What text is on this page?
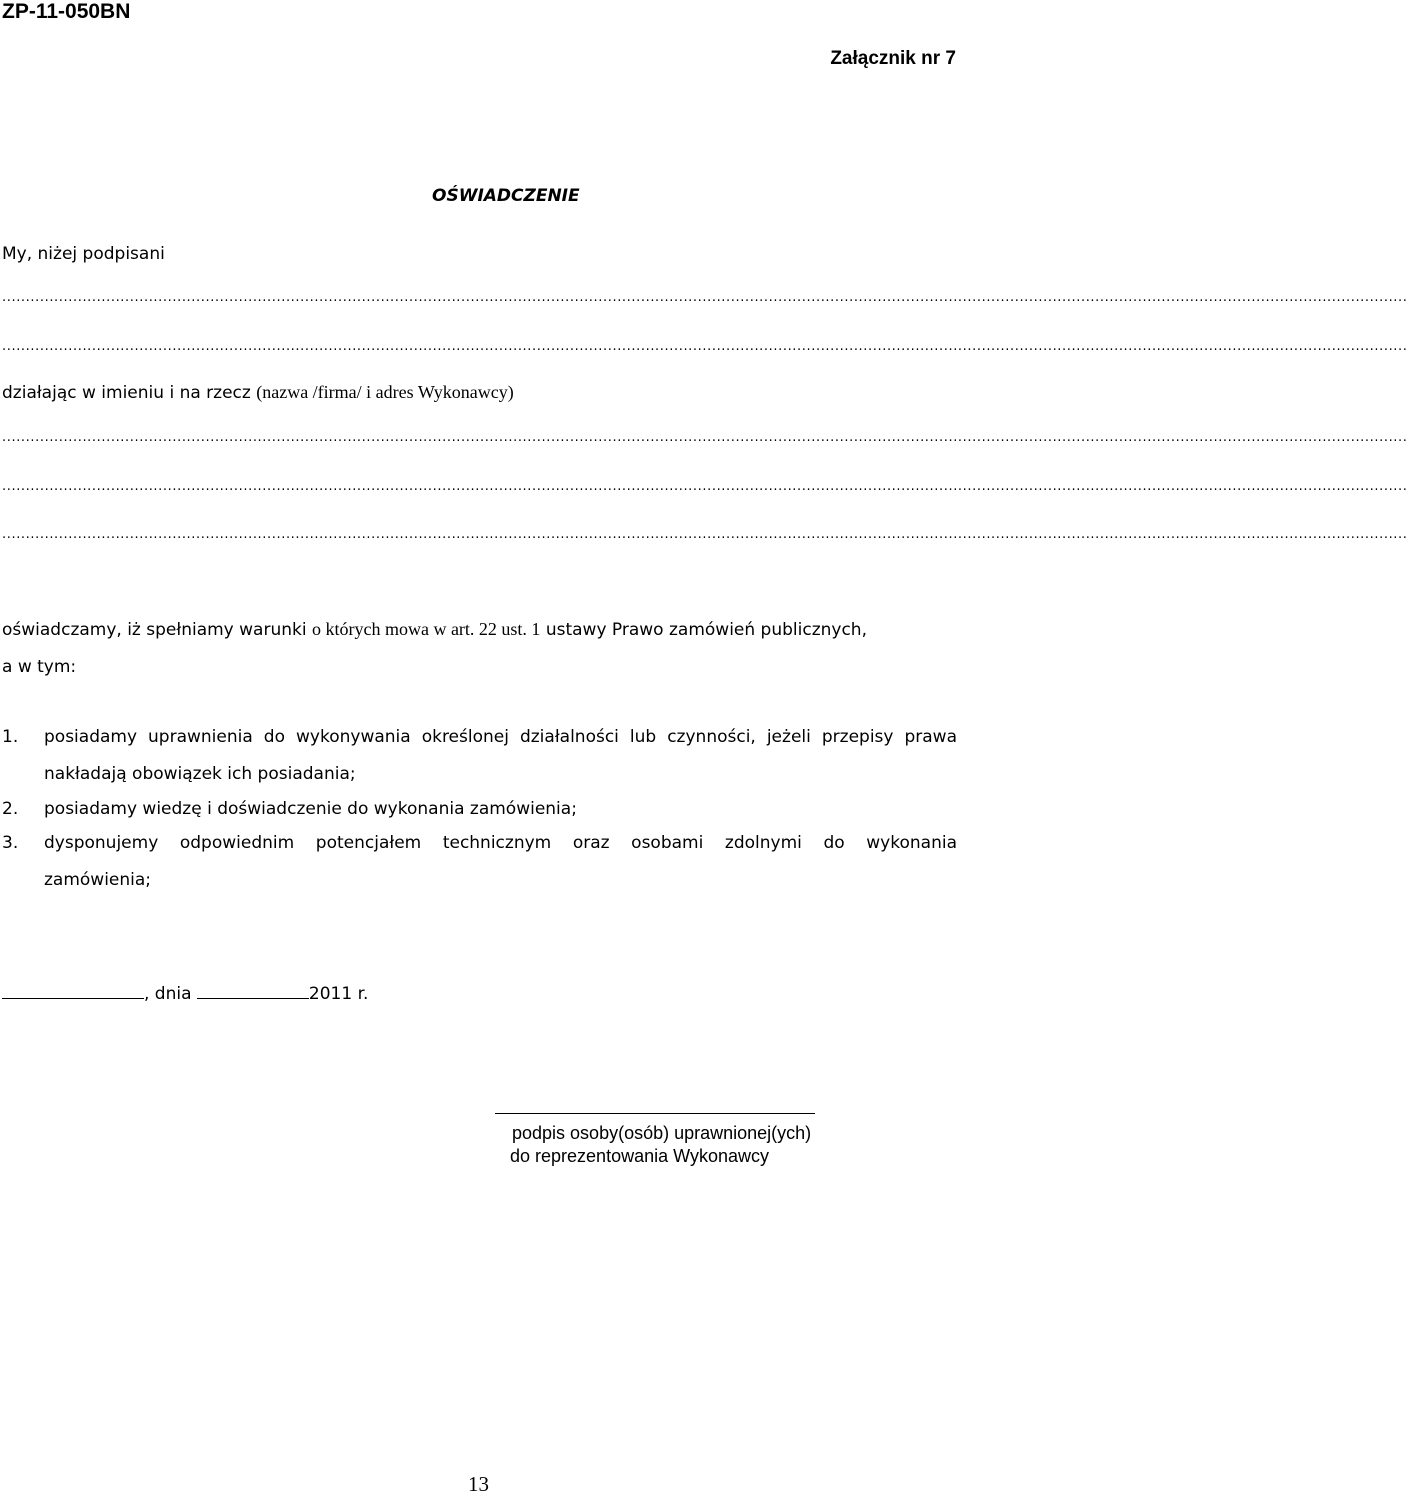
ZP-11-050BN
Załącznik nr 7
OŚWIADCZENIE
My, niżej podpisani
.........................................................................................................................................................................................................................................................................................................
.........................................................................................................................................................................................................................................................................................................
działając w imieniu i na rzecz (nazwa /firma/ i adres Wykonawcy)
.........................................................................................................................................................................................................................................................................................................
.........................................................................................................................................................................................................................................................................................................
.........................................................................................................................................................................................................................................................................................................
oświadczamy, iż spełniamy warunki o których mowa w art. 22 ust. 1 ustawy Prawo zamówień publicznych,
a w tym:
1. posiadamy uprawnienia do wykonywania określonej działalności lub czynności, jeżeli przepisy prawa
nakładają obowiązek ich posiadania;
2. posiadamy wiedzę i doświadczenie do wykonania zamówienia;
3. dysponujemy odpowiednim potencjałem technicznym oraz osobami zdolnymi do wykonania
zamówienia;
, dnia	2011 r.
podpis osoby(osób) uprawnionej(ych)
do reprezentowania Wykonawcy
13
